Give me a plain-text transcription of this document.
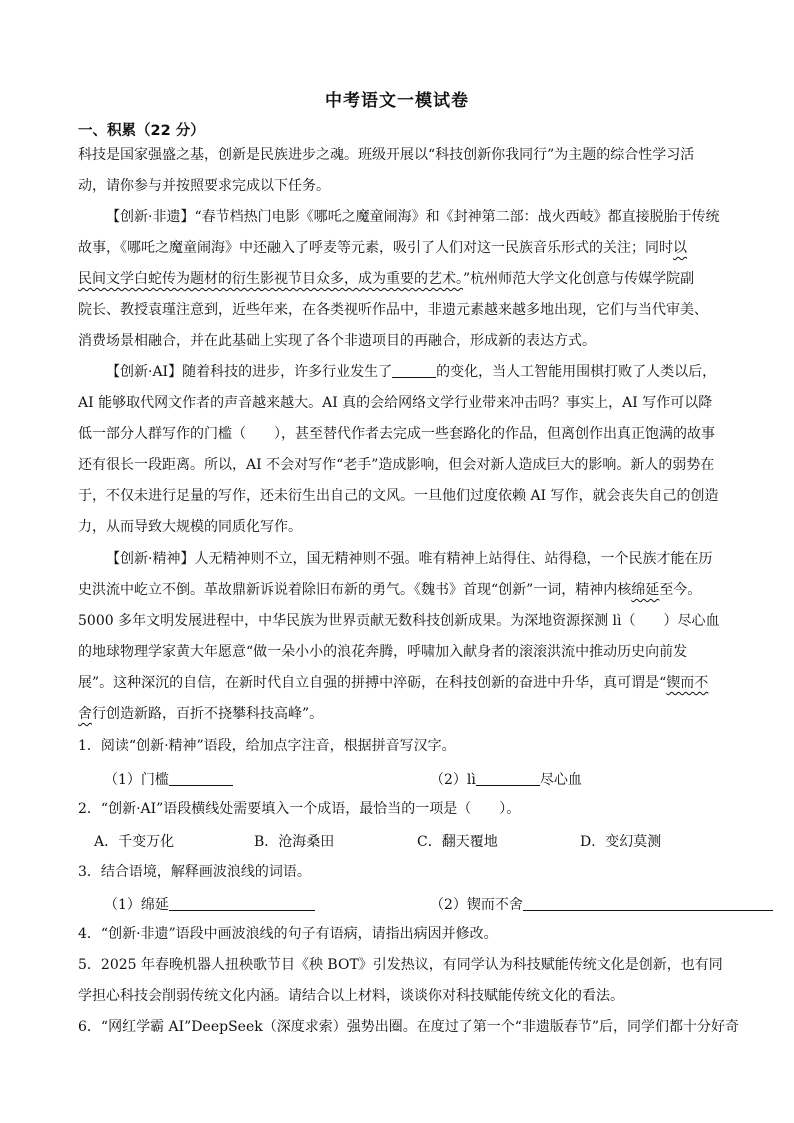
中考语文一模试卷
一、积累（22 分）
科技是国家强盛之基，创新是民族进步之魂。班级开展以“科技创新你我同行”为主题的综合性学习活
动，请你参与并按照要求完成以下任务。
【创新·非遗】“春节档热门电影《哪吒之魔童闹海》和《封神第二部：战火西岐》都直接脱胎于传统
故事，《哪吒之魔童闹海》中还融入了呼麦等元素，吸引了人们对这一民族音乐形式的关注；同时以
民间文学白蛇传为题材的衍生影视节目众多，成为重要的艺术。”杭州师范大学文化创意与传媒学院副
院长、教授袁瑾注意到，近些年来，在各类视听作品中，非遗元素越来越多地出现，它们与当代审美、
消费场景相融合，并在此基础上实现了各个非遗项目的再融合，形成新的表达方式。
【创新·AI】随着科技的进步，许多行业发生了	的变化，当人工智能用围棋打败了人类以后，
AI 能够取代网文作者的声音越来越大。AI 真的会给网络文学行业带来冲击吗？事实上，AI 写作可以降
低一部分人群写作的门槛（　　），甚至替代作者去完成一些套路化的作品，但离创作出真正饱满的故事
还有很长一段距离。所以，AI 不会对写作“老手”造成影响，但会对新人造成巨大的影响。新人的弱势在
于，不仅未进行足量的写作，还未衍生出自己的文风。一旦他们过度依赖 AI 写作，就会丧失自己的创造
力，从而导致大规模的同质化写作。
【创新·精神】人无精神则不立，国无精神则不强。唯有精神上站得住、站得稳，一个民族才能在历
史洪流中屹立不倒。革故鼎新诉说着除旧布新的勇气。《魏书》首现“创新”一词，精神内核绵延至今。
5000 多年文明发展进程中，中华民族为世界贡献无数科技创新成果。为深地资源探测 lì（　　）尽心血
的地球物理学家黄大年愿意“做一朵小小的浪花奔腾，呼啸加入献身者的滚滚洪流中推动历史向前发
展”。这种深沉的自信，在新时代自立自强的拼搏中淬砺，在科技创新的奋进中升华，真可谓是“锲而不
舍行创造新路，百折不挠攀科技高峰”。
1．阅读“创新·精神”语段，给加点字注音，根据拼音写汉字。
（1）门槛	（2）lì	尽心血
2．“创新·AI”语段横线处需要填入一个成语，最恰当的一项是（　　）。
A．千变万化	B．沧海桑田	C．翻天覆地	D．变幻莫测
3．结合语境，解释画波浪线的词语。
（1）绵延	（2）锲而不舍
4．“创新·非遗”语段中画波浪线的句子有语病，请指出病因并修改。
5．2025 年春晚机器人扭秧歌节目《秧 BOT》引发热议，有同学认为科技赋能传统文化是创新，也有同
学担心科技会削弱传统文化内涵。请结合以上材料，谈谈你对科技赋能传统文化的看法。
6．“网红学霸 AI”DeepSeek（深度求索）强势出圈。在度过了第一个“非遗版春节”后，同学们都十分好奇
